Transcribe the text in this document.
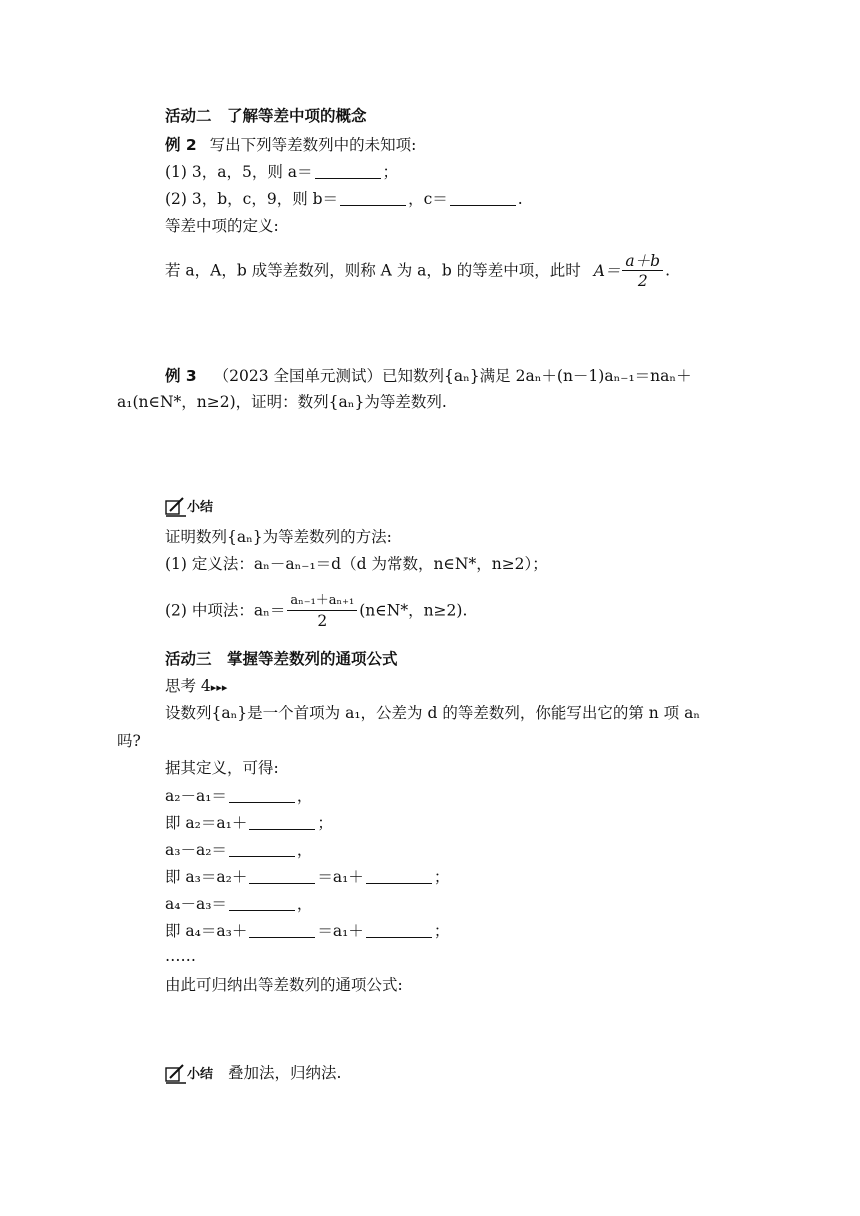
活动二　了解等差中项的概念
例 2 写出下列等差数列中的未知项:
(1) 3，a，5，则 a＝	；
(2) 3，b，c，9，则 b＝	，c＝	.
等差中项的定义:
若 a，A，b 成等差数列，则称 A 为 a，b 的等差中项，此时 $A= \frac{a+b}{2}$ .
例 3 （2023 全国单元测试）已知数列{aₙ}满足 2aₙ＋(n－1)aₙ₋₁＝naₙ＋
a₁(n∈N*，n≥2)，证明：数列{aₙ}为等差数列.
小结
证明数列{aₙ}为等差数列的方法:
(1) 定义法：aₙ－aₙ₋₁＝d（d 为常数，n∈N*，n≥2）；
(2) 中项法：$a_n= \frac{\text{aₙ₋₁＋aₙ₊₁}}{2}$ (n∈N*，n≥2).
活动三　掌握等差数列的通项公式
思考 4▸▸▸
设数列{aₙ}是一个首项为 a₁，公差为 d 的等差数列，你能写出它的第 n 项 aₙ
吗?
据其定义，可得:
a₂－a₁＝	，
即 a₂＝a₁＋	；
a₃－a₂＝	，
即 a₃＝a₂＋	＝a₁＋	；
a₄－a₃＝	，
即 a₄＝a₃＋	＝a₁＋	；
……
由此可归纳出等差数列的通项公式:
小结 叠加法，归纳法.
